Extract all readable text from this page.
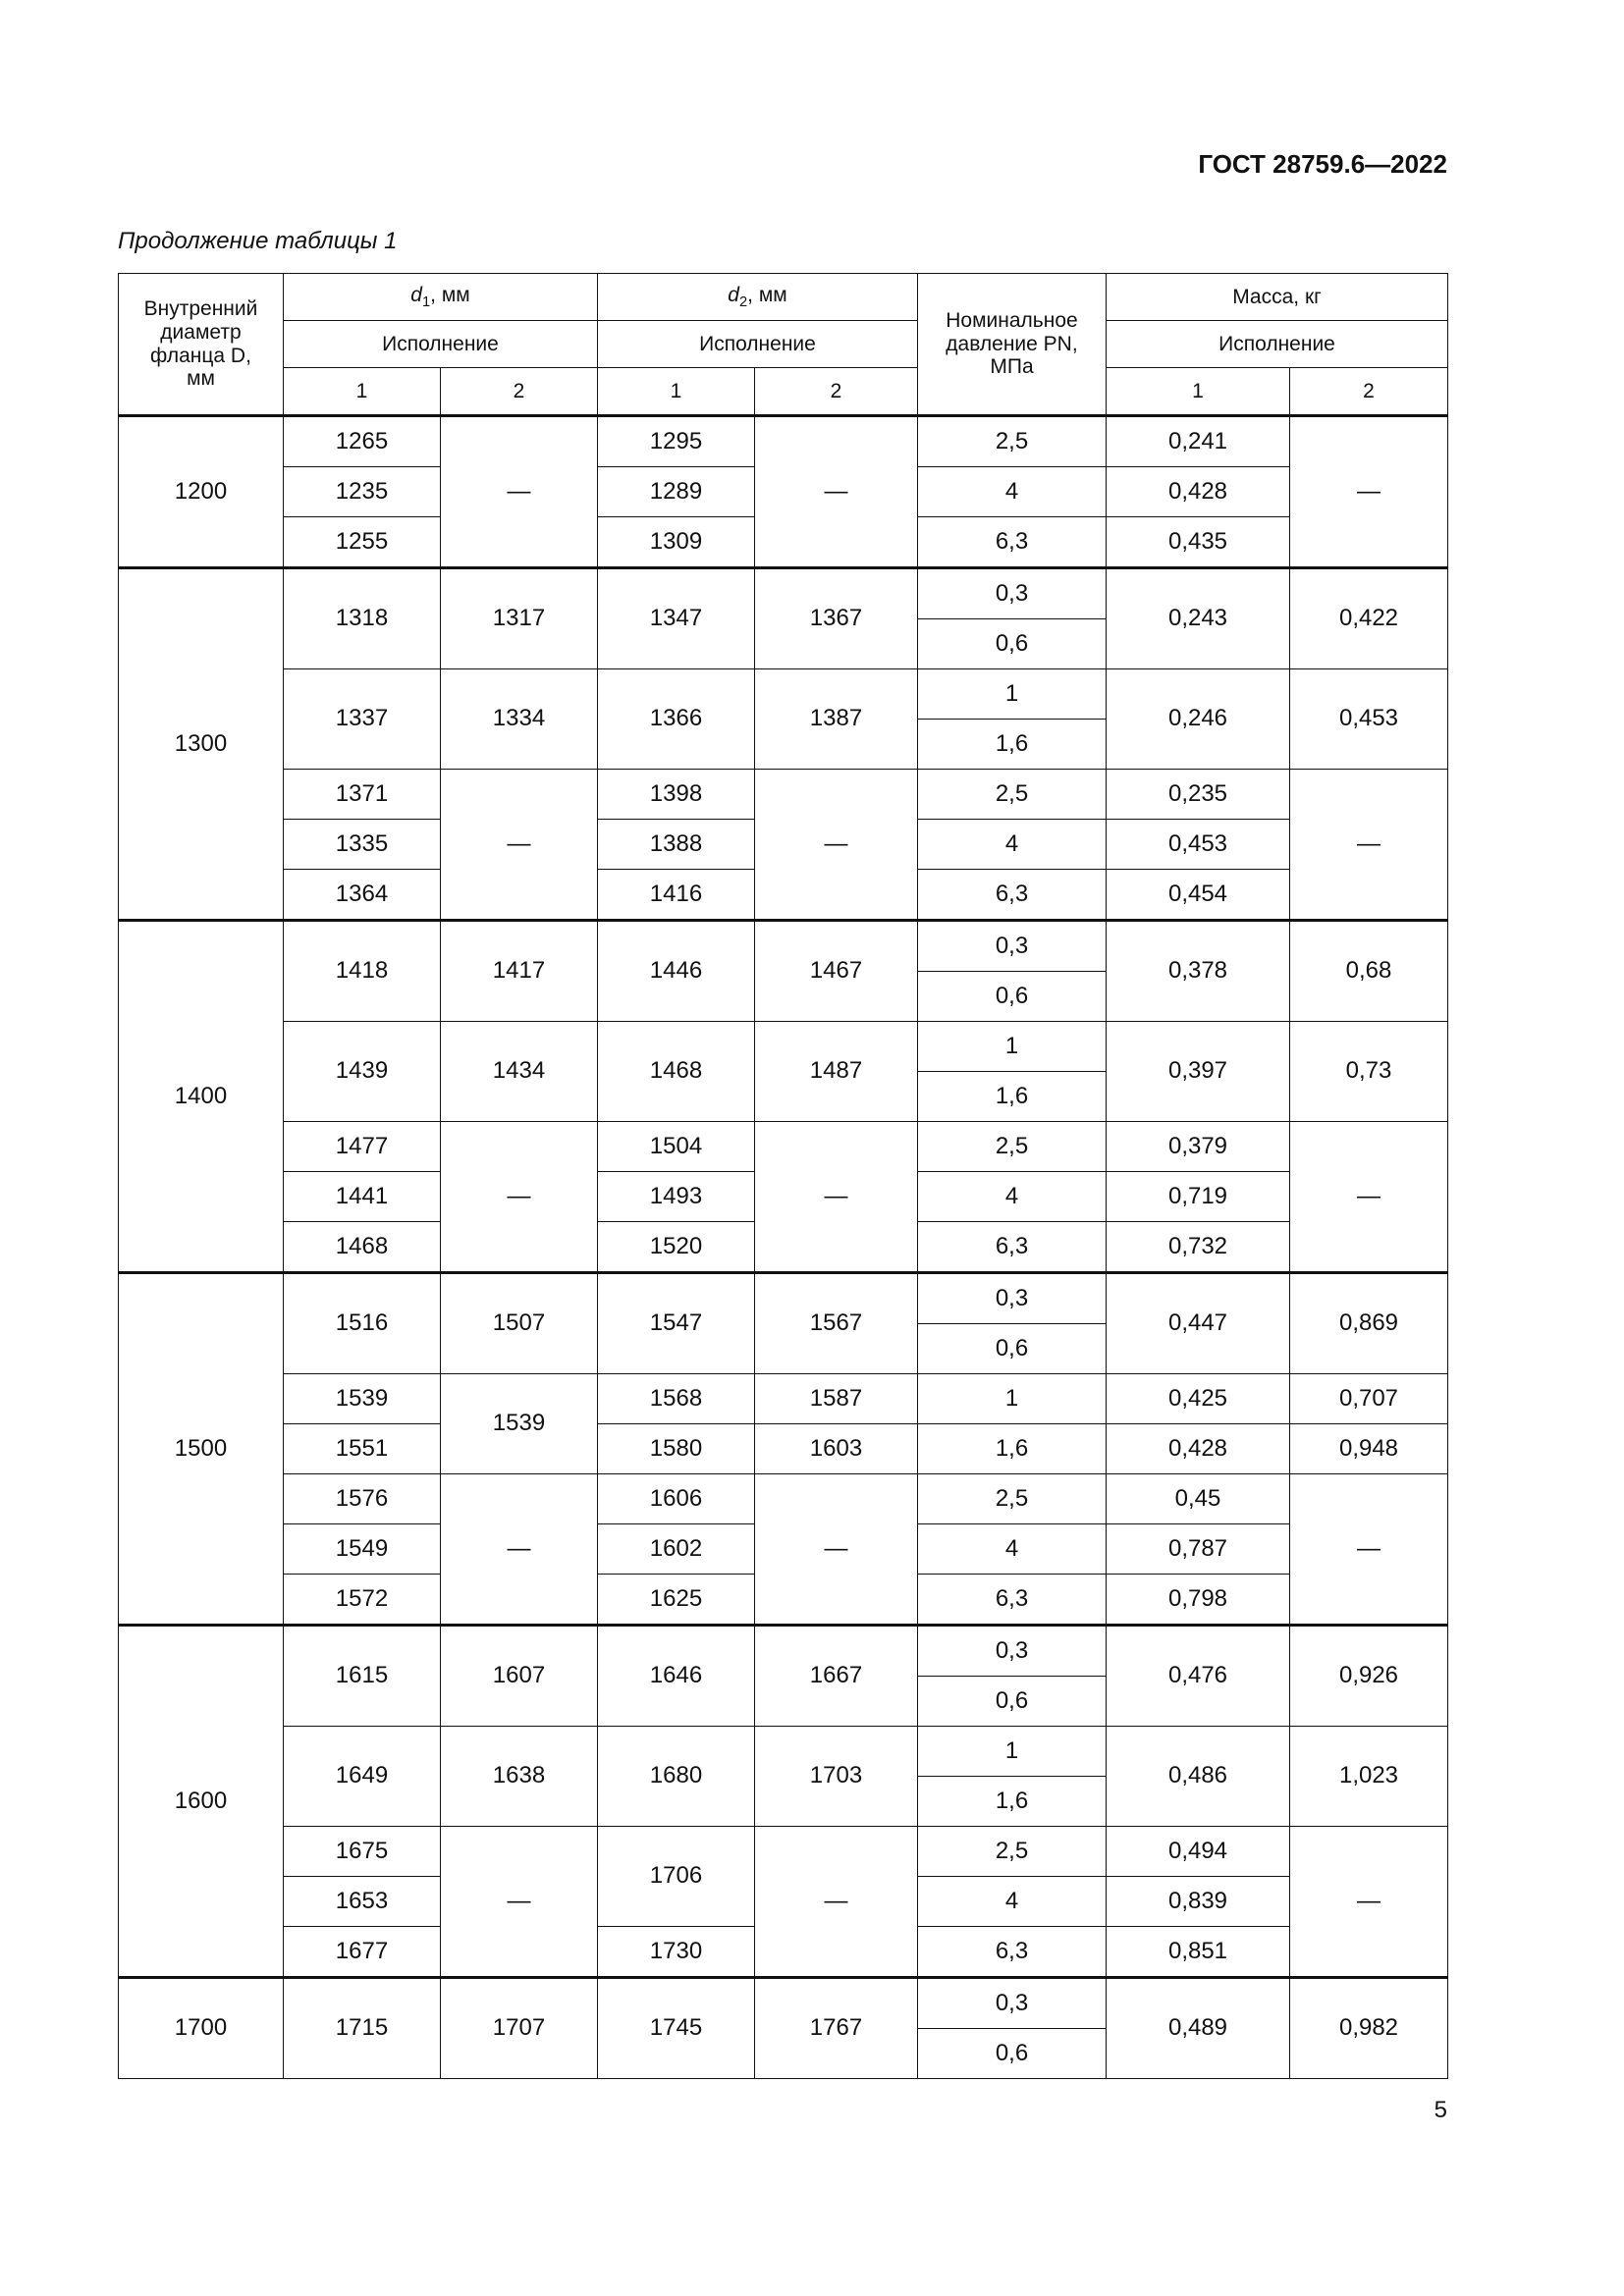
ГОСТ 28759.6—2022
Продолжение таблицы 1
Внутренний
диаметр
фланца D,
мм	$d_1$, мм		$d_2$, мм		Номинальное
давление PN,
МПа	Масса, кг	
	Исполнение		Исполнение			Исполнение	
	1	2	1	2		1	2
1200	1265	—	1295	—	2,5	0,241	—
	1235		1289		4	0,428	
	1255		1309		6,3	0,435	
1300	1318	1317	1347	1367	0,3	0,243	0,422
					0,6		
	1337	1334	1366	1387	1	0,246	0,453
					1,6		
	1371	—	1398	—	2,5	0,235	—
	1335		1388		4	0,453	
	1364		1416		6,3	0,454	
1400	1418	1417	1446	1467	0,3	0,378	0,68
					0,6		
	1439	1434	1468	1487	1	0,397	0,73
					1,6		
	1477	—	1504	—	2,5	0,379	—
	1441		1493		4	0,719	
	1468		1520		6,3	0,732	
1500	1516	1507	1547	1567	0,3	0,447	0,869
					0,6		
	1539	1539	1568	1587	1	0,425	0,707
	1551		1580	1603	1,6	0,428	0,948
	1576	—	1606	—	2,5	0,45	—
	1549		1602		4	0,787	
	1572		1625		6,3	0,798	
1600	1615	1607	1646	1667	0,3	0,476	0,926
					0,6		
	1649	1638	1680	1703	1	0,486	1,023
					1,6		
	1675	—	1706	—	2,5	0,494	—
	1653				4	0,839	
	1677		1730		6,3	0,851	
1700	1715	1707	1745	1767	0,3	0,489	0,982
					0,6		
5
